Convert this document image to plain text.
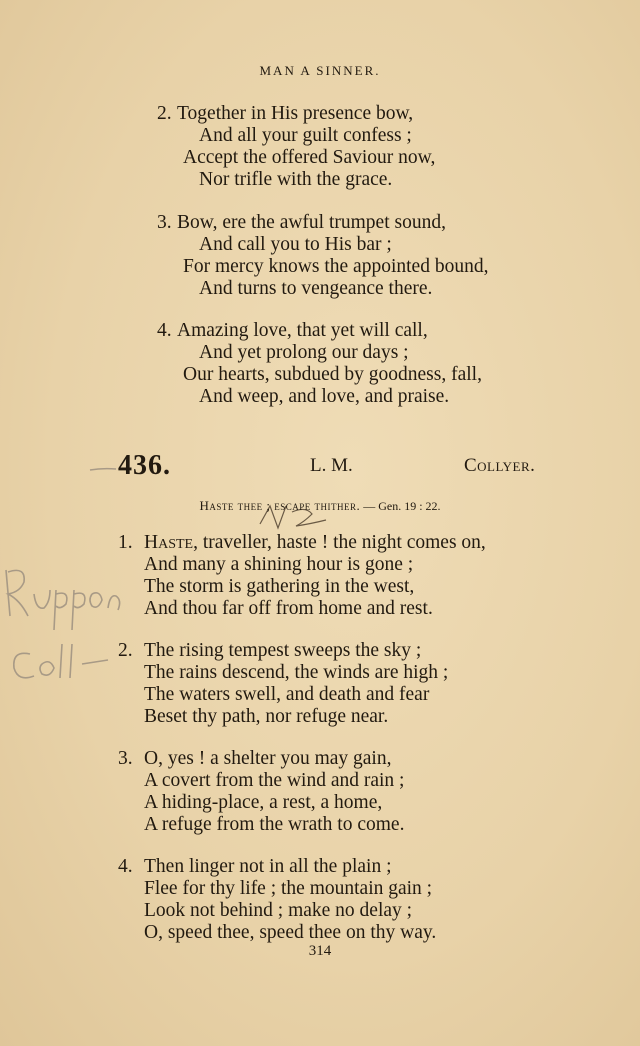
MAN A SINNER.
2. Together in His presence bow,
And all your guilt confess ;
Accept the offered Saviour now,
Nor trifle with the grace.
3. Bow, ere the awful trumpet sound,
And call you to His bar ;
For mercy knows the appointed bound,
And turns to vengeance there.
4. Amazing love, that yet will call,
And yet prolong our days ;
Our hearts, subdued by goodness, fall,
And weep, and love, and praise.
436.	L. M.	Collyer.
Haste thee ; escape thither. — Gen. 19 : 22.
1. Haste, traveller, haste ! the night comes on,
And many a shining hour is gone ;
The storm is gathering in the west,
And thou far off from home and rest.
2. The rising tempest sweeps the sky ;
The rains descend, the winds are high ;
The waters swell, and death and fear
Beset thy path, nor refuge near.
3. O, yes ! a shelter you may gain,
A covert from the wind and rain ;
A hiding-place, a rest, a home,
A refuge from the wrath to come.
4. Then linger not in all the plain ;
Flee for thy life ; the mountain gain ;
Look not behind ; make no delay ;
O, speed thee, speed thee on thy way.
314
